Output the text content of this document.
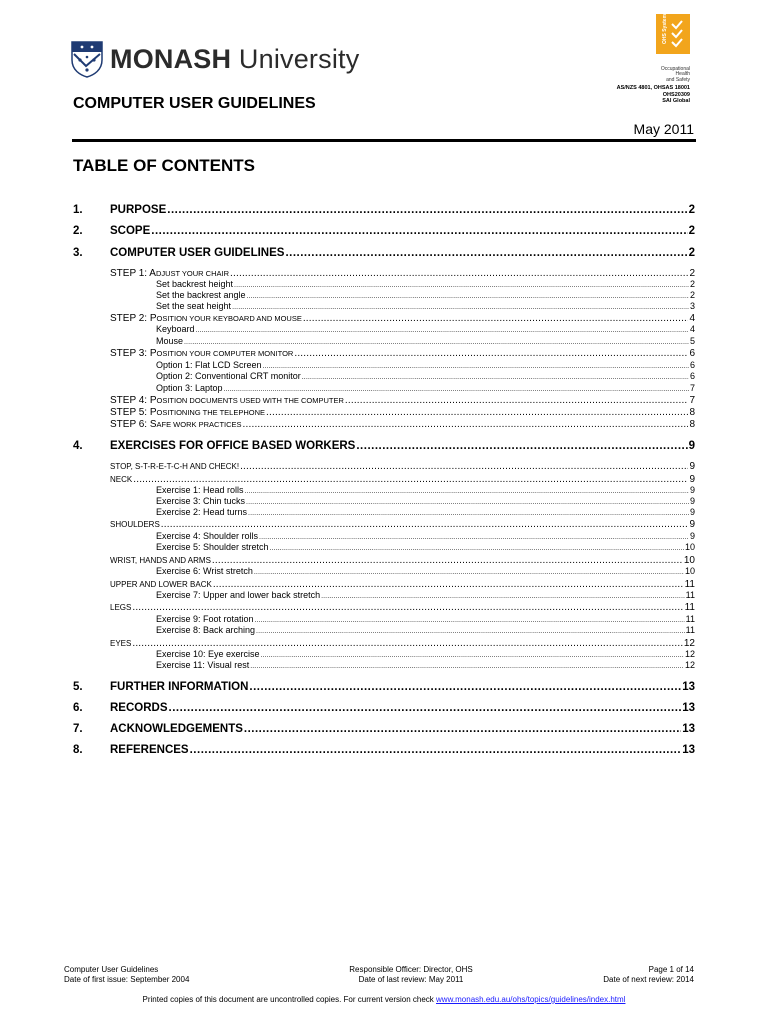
MONASH University
OHS System
Occupational
Health
and Safety
AS/NZS 4801, OHSAS 18001
OHS20309
SAI Global
COMPUTER USER GUIDELINES
May 2011
TABLE OF CONTENTS
1. PURPOSE .....	2
2. SCOPE .....	2
3. COMPUTER USER GUIDELINES .....	2
STEP 1: ADJUST YOUR CHAIR .....	2
Set backrest height .....	2
Set the backrest angle .....	2
Set the seat height .....	3
STEP 2: POSITION YOUR KEYBOARD AND MOUSE .....	4
Keyboard .....	4
Mouse .....	5
STEP 3: POSITION YOUR COMPUTER MONITOR .....	6
Option 1: Flat LCD Screen .....	6
Option 2: Conventional CRT monitor .....	6
Option 3: Laptop .....	7
STEP 4: POSITION DOCUMENTS USED WITH THE COMPUTER .....	7
STEP 5: POSITIONING THE TELEPHONE .....	8
STEP 6: SAFE WORK PRACTICES .....	8
4. EXERCISES FOR OFFICE BASED WORKERS .....	9
STOP, S-T-R-E-T-C-H AND CHECK! .....	9
NECK .....	9
Exercise 1: Head rolls .....	9
Exercise 3: Chin tucks .....	9
Exercise 2: Head turns .....	9
SHOULDERS .....	9
Exercise 4: Shoulder rolls .....	9
Exercise 5: Shoulder stretch .....	10
WRIST, HANDS AND ARMS .....	10
Exercise 6: Wrist stretch .....	10
UPPER AND LOWER BACK .....	11
Exercise 7: Upper and lower back stretch .....	11
LEGS .....	11
Exercise 9: Foot rotation .....	11
Exercise 8: Back arching .....	11
EYES .....	12
Exercise 10: Eye exercise .....	12
Exercise 11: Visual rest .....	12
5. FURTHER INFORMATION .....	13
6. RECORDS .....	13
7. ACKNOWLEDGEMENTS .....	13
8. REFERENCES .....	13
Computer User Guidelines
Date of first issue: September 2004
Responsible Officer: Director, OHS
Date of last review: May 2011
Page 1 of 14
Date of next review: 2014
Printed copies of this document are uncontrolled copies. For current version check www.monash.edu.au/ohs/topics/guidelines/index.html
